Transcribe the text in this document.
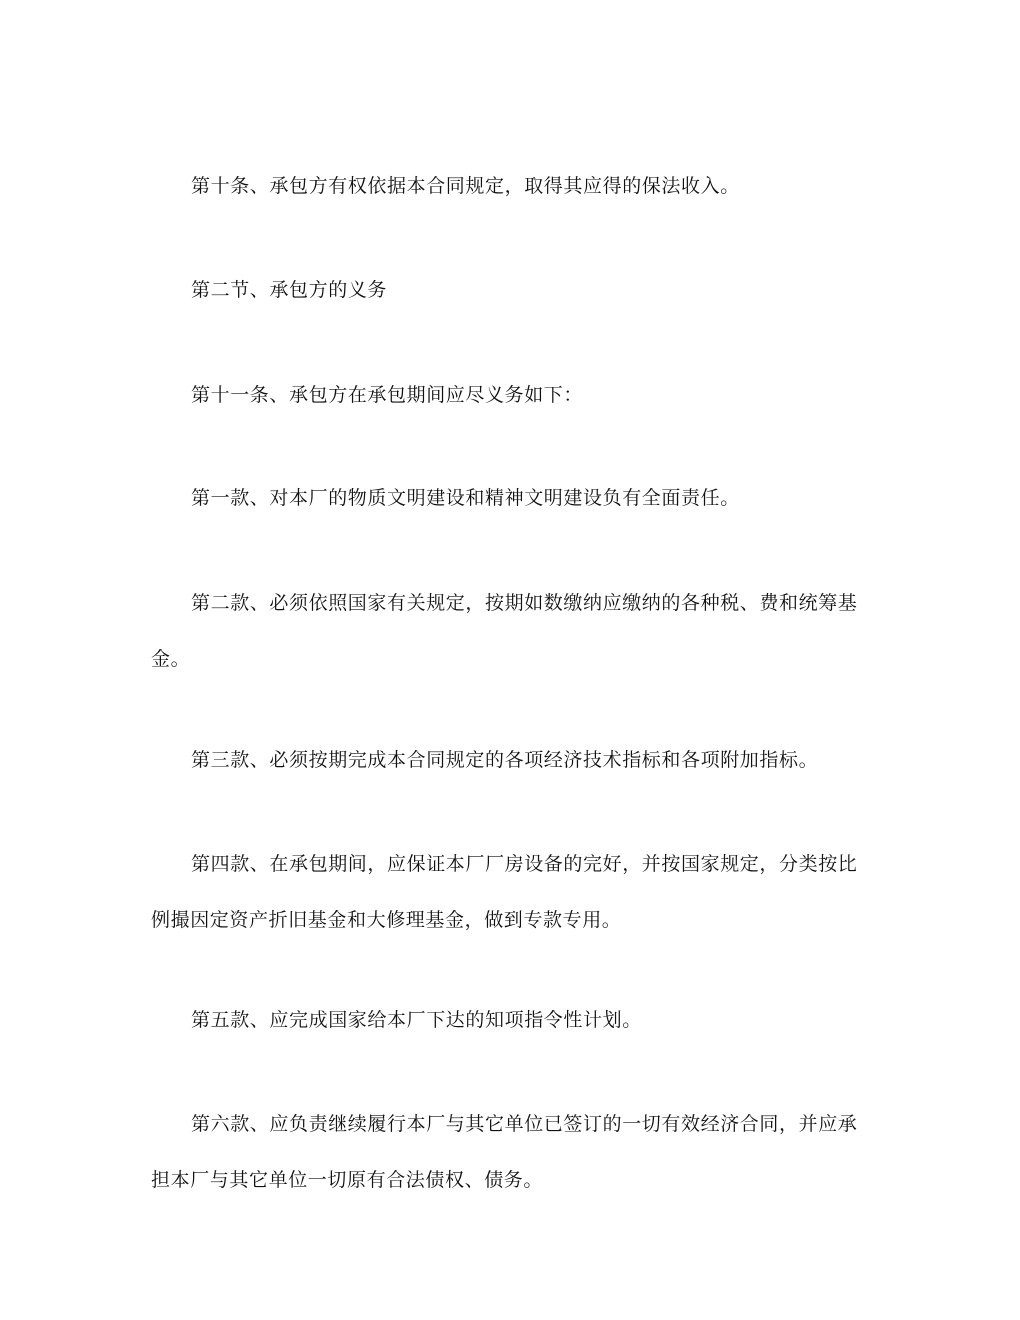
第十条、承包方有权依据本合同规定，取得其应得的保法收入。

第二节、承包方的义务

第十一条、承包方在承包期间应尽义务如下：

第一款、对本厂的物质文明建设和精神文明建设负有全面责任。

第二款、必须依照国家有关规定，按期如数缴纳应缴纳的各种税、费和统筹基金。

第三款、必须按期完成本合同规定的各项经济技术指标和各项附加指标。

第四款、在承包期间，应保证本厂厂房设备的完好，并按国家规定，分类按比例撮因定资产折旧基金和大修理基金，做到专款专用。

第五款、应完成国家给本厂下达的知项指令性计划。

第六款、应负责继续履行本厂与其它单位已签订的一切有效经济合同，并应承担本厂与其它单位一切原有合法债权、债务。
